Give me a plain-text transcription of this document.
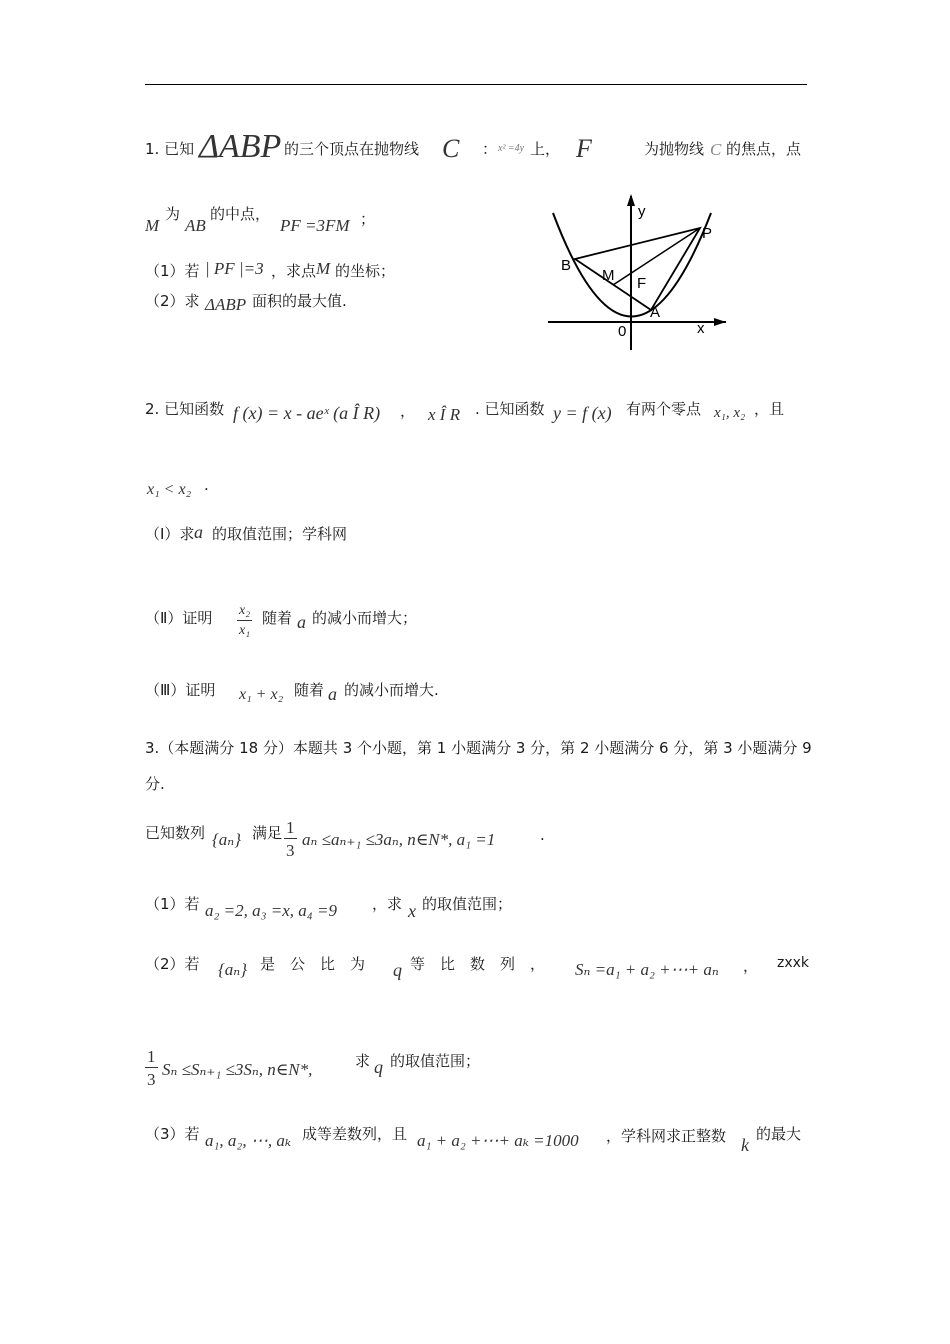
1. 已知 ΔABP 的三个顶点在抛物线 C ： x² =4y 上， F	为抛物线 C 的焦点，点
M
为
AB
的中点，
PF =3FM ；
（1）若 | PF |=3 ，求点 M 的坐标；
（2）求 ΔABP 面积的最大值.
y
x
P
B
M F
A
0
2. 已知函数 f (x) = x - aeˣ (a Î R) ， x Î R . 已知函数 y = f (x) 有两个零点 x₁, x₂ ，且
x₁ < x₂ .
（Ⅰ）求 a 的取值范围；学科网
（Ⅱ）证明 $\frac{\text{x₂}}{\text{x₁}}$ 随着 a 的减小而增大；
（Ⅲ）证明 x₁ + x₂ 随着 a 的减小而增大.
3.（本题满分 18 分）本题共 3 个小题，第 1 小题满分 3 分，第 2 小题满分 6 分，第 3 小题满分 9
分.
已知数列 {aₙ} 满足 $\frac{1}{3}$ aₙ ≤aₙ₊₁ ≤3aₙ, n∈N*, a₁ =1	.
（1）若 a₂ =2, a₃ =x, a₄ =9 ，求 x 的取值范围；
（2）若 {aₙ} 是　公　比　为 q 等　比　数　列　， Sₙ =a₁ + a₂ +⋯+ aₙ ， zxxk
$\frac{1}{3}$ Sₙ ≤Sₙ₊₁ ≤3Sₙ, n∈N*,	求 q 的取值范围；
（3）若 a₁, a₂, ⋯, aₖ 成等差数列，且 a₁ + a₂ +⋯+ aₖ =1000 ，学科网求正整数 k
的最大
